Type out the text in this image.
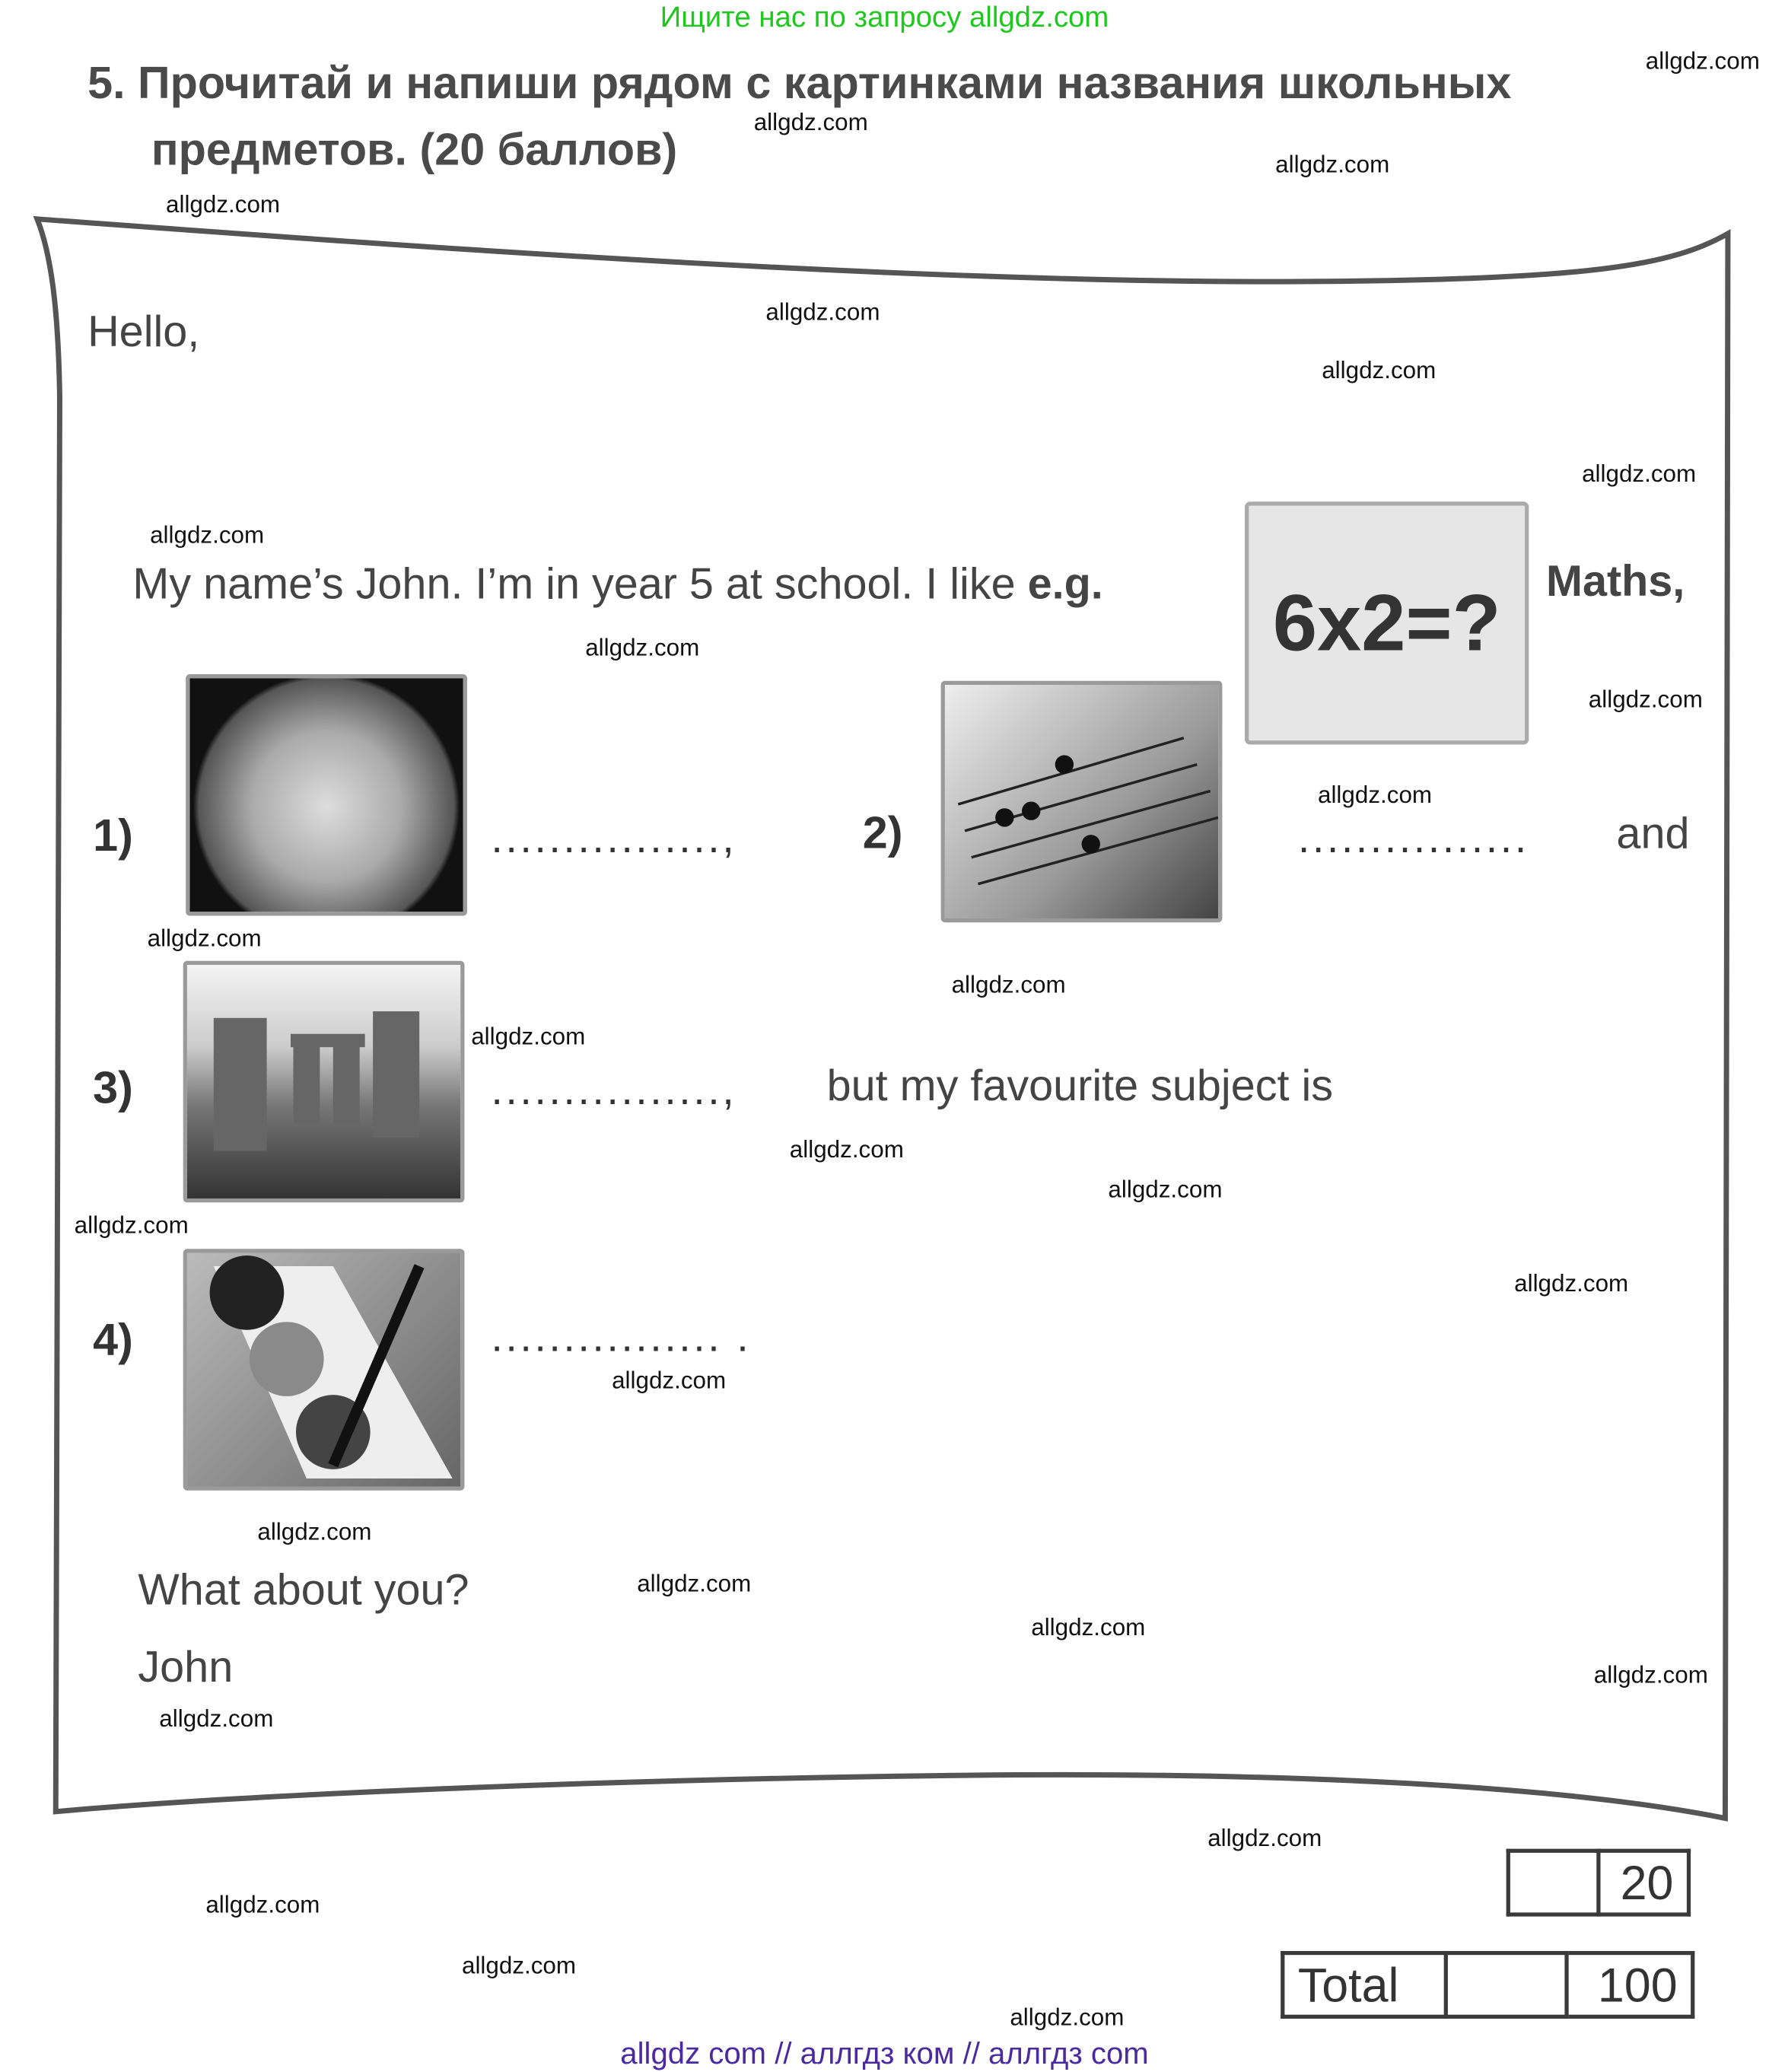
Ищите нас по запросу allgdz.com
5. Прочитай и напиши рядом с картинками названия школьных
предметов. (20 баллов)
Hello,
My name’s John. I’m in year 5 at school. I like e.g.	6x2=?	Maths,
1)	................,	2)	................	and
3)	................,	but my favourite subject is
4)	................ .
What about you?
John
	20
Total		100
allgdz.com
allgdz.com
allgdz.com
allgdz.com
allgdz.com
allgdz.com
allgdz.com
allgdz.com
allgdz.com
allgdz.com
allgdz.com
allgdz.com
allgdz.com
allgdz.com
allgdz.com
allgdz.com
allgdz.com
allgdz.com
allgdz.com
allgdz.com
allgdz.com
allgdz.com
allgdz.com
allgdz.com
allgdz.com
allgdz.com
allgdz.com
allgdz.com
allgdz com // аллгдз ком // аллгдз com
